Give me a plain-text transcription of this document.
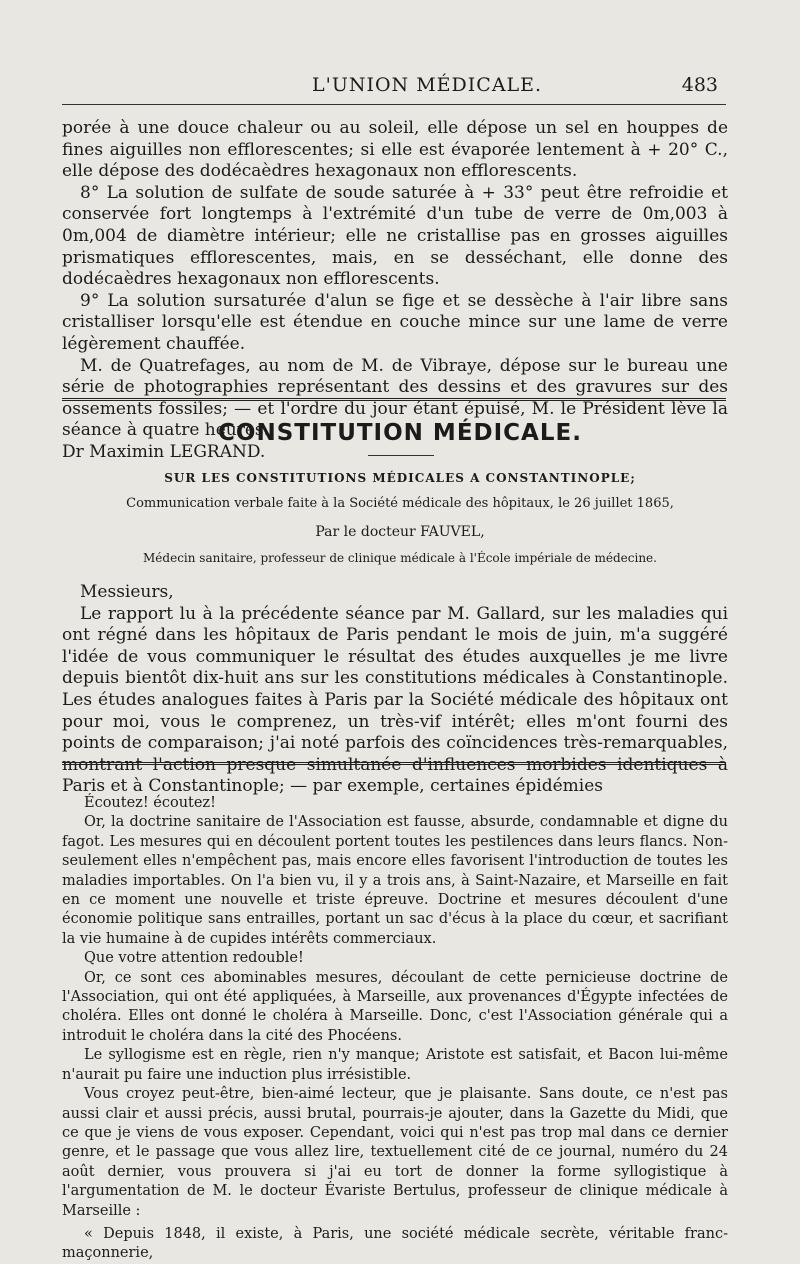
L'UNION MÉDICALE.	483

porée à une douce chaleur ou au soleil, elle dépose un sel en houppes de fines aiguilles non efflorescentes; si elle est évaporée lentement à + 20° C., elle dépose des dodécaèdres hexagonaux non efflorescents.

8° La solution de sulfate de soude saturée à + 33° peut être refroidie et conservée fort longtemps à l'extrémité d'un tube de verre de 0m,003 à 0m,004 de diamètre intérieur; elle ne cristallise pas en grosses aiguilles prismatiques efflorescentes, mais, en se desséchant, elle donne des dodécaèdres hexagonaux non efflorescents.

9° La solution sursaturée d'alun se fige et se dessèche à l'air libre sans cristalliser lorsqu'elle est étendue en couche mince sur une lame de verre légèrement chauffée.

M. de Quatrefages, au nom de M. de Vibraye, dépose sur le bureau une série de photographies représentant des dessins et des gravures sur des ossements fossiles; — et l'ordre du jour étant épuisé, M. le Président lève la séance à quatre heures.

Dr Maximin LEGRAND.

CONSTITUTION MÉDICALE.
SUR LES CONSTITUTIONS MÉDICALES A CONSTANTINOPLE;
Communication verbale faite à la Société médicale des hôpitaux, le 26 juillet 1865,
Par le docteur FAUVEL,
Médecin sanitaire, professeur de clinique médicale à l'École impériale de médecine.

Messieurs,

Le rapport lu à la précédente séance par M. Gallard, sur les maladies qui ont régné dans les hôpitaux de Paris pendant le mois de juin, m'a suggéré l'idée de vous communiquer le résultat des études auxquelles je me livre depuis bientôt dix-huit ans sur les constitutions médicales à Constantinople. Les études analogues faites à Paris par la Société médicale des hôpitaux ont pour moi, vous le comprenez, un très-vif intérêt; elles m'ont fourni des points de comparaison; j'ai noté parfois des coïncidences très-remarquables, montrant l'action presque simultanée d'influences morbides identiques à Paris et à Constantinople; — par exemple, certaines épidémies

Écoutez! écoutez!

Or, la doctrine sanitaire de l'Association est fausse, absurde, condamnable et digne du fagot. Les mesures qui en découlent portent toutes les pestilences dans leurs flancs. Non-seulement elles n'empêchent pas, mais encore elles favorisent l'introduction de toutes les maladies importables. On l'a bien vu, il y a trois ans, à Saint-Nazaire, et Marseille en fait en ce moment une nouvelle et triste épreuve. Doctrine et mesures découlent d'une économie politique sans entrailles, portant un sac d'écus à la place du cœur, et sacrifiant la vie humaine à de cupides intérêts commerciaux.

Que votre attention redouble!

Or, ce sont ces abominables mesures, découlant de cette pernicieuse doctrine de l'Association, qui ont été appliquées, à Marseille, aux provenances d'Égypte infectées de choléra. Elles ont donné le choléra à Marseille. Donc, c'est l'Association générale qui a introduit le choléra dans la cité des Phocéens.

Le syllogisme est en règle, rien n'y manque; Aristote est satisfait, et Bacon lui-même n'aurait pu faire une induction plus irrésistible.

Vous croyez peut-être, bien-aimé lecteur, que je plaisante. Sans doute, ce n'est pas aussi clair et aussi précis, aussi brutal, pourrais-je ajouter, dans la Gazette du Midi, que ce que je viens de vous exposer. Cependant, voici qui n'est pas trop mal dans ce dernier genre, et le passage que vous allez lire, textuellement cité de ce journal, numéro du 24 août dernier, vous prouvera si j'ai eu tort de donner la forme syllogistique à l'argumentation de M. le docteur Évariste Bertulus, professeur de clinique médicale à Marseille :

« Depuis 1848, il existe, à Paris, une société médicale secrète, véritable franc-maçonnerie,
